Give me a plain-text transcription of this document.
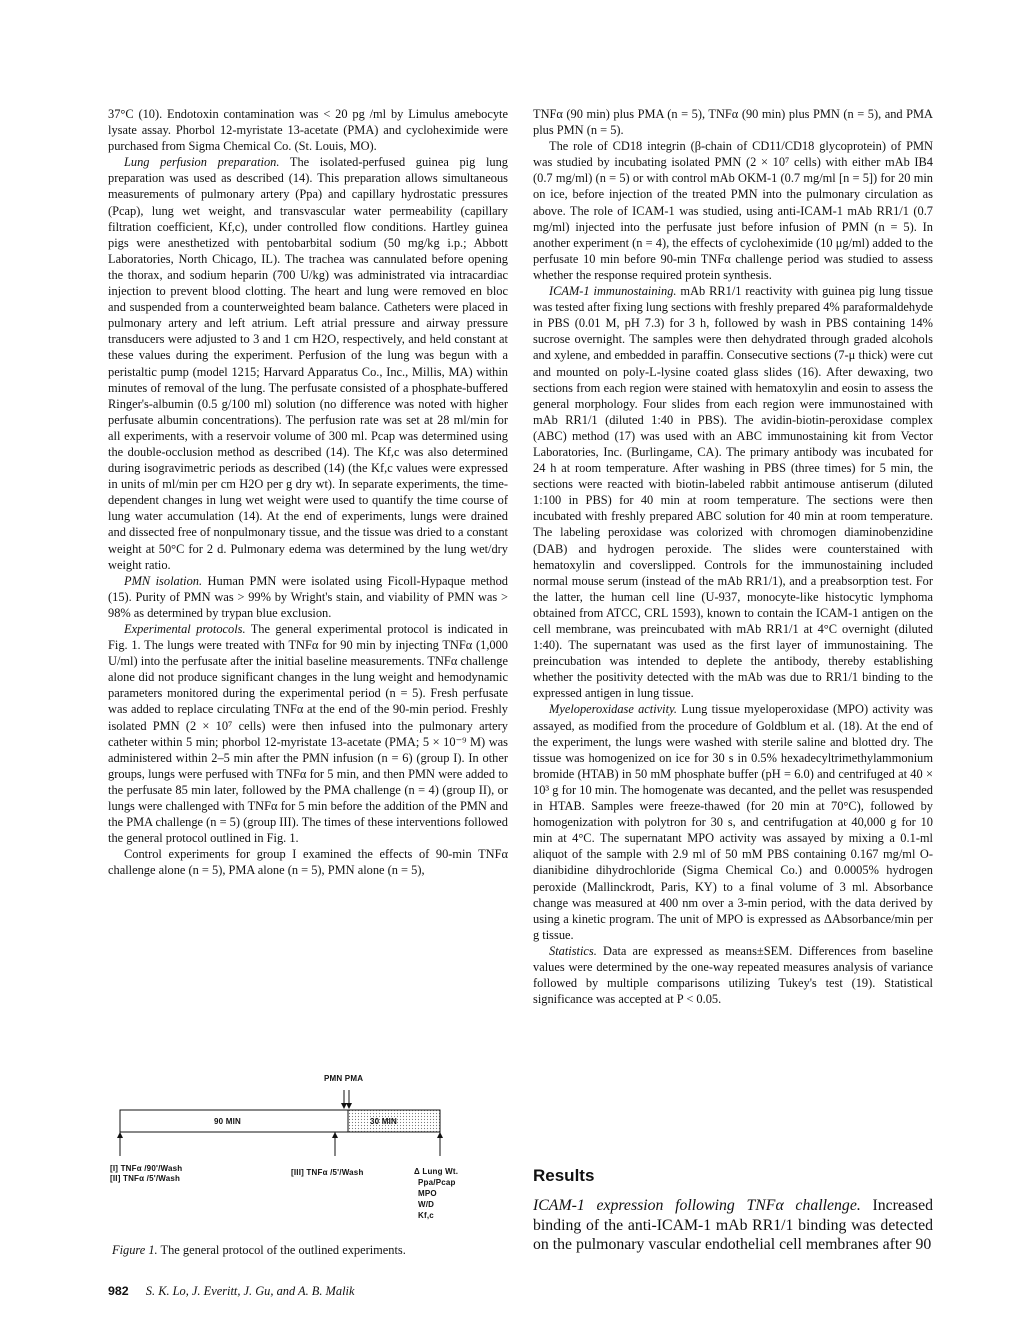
37°C (10). Endotoxin contamination was < 20 pg /ml by Limulus amebocyte lysate assay. Phorbol 12-myristate 13-acetate (PMA) and cycloheximide were purchased from Sigma Chemical Co. (St. Louis, MO).

Lung perfusion preparation. The isolated-perfused guinea pig lung preparation was used as described (14). This preparation allows simultaneous measurements of pulmonary artery (Ppa) and capillary hydrostatic pressures (Pcap), lung wet weight, and transvascular water permeability (capillary filtration coefficient, Kf,c), under controlled flow conditions. Hartley guinea pigs were anesthetized with pentobarbital sodium (50 mg/kg i.p.; Abbott Laboratories, North Chicago, IL). The trachea was cannulated before opening the thorax, and sodium heparin (700 U/kg) was administrated via intracardiac injection to prevent blood clotting. The heart and lung were removed en bloc and suspended from a counterweighted beam balance. Catheters were placed in pulmonary artery and left atrium. Left atrial pressure and airway pressure transducers were adjusted to 3 and 1 cm H2O, respectively, and held constant at these values during the experiment. Perfusion of the lung was begun with a peristaltic pump (model 1215; Harvard Apparatus Co., Inc., Millis, MA) within minutes of removal of the lung. The perfusate consisted of a phosphate-buffered Ringer's-albumin (0.5 g/100 ml) solution (no difference was noted with higher perfusate albumin concentrations). The perfusion rate was set at 28 ml/min for all experiments, with a reservoir volume of 300 ml. Pcap was determined using the double-occlusion method as described (14). The Kf,c was also determined during isogravimetric periods as described (14) (the Kf,c values were expressed in units of ml/min per cm H2O per g dry wt). In separate experiments, the time-dependent changes in lung wet weight were used to quantify the time course of lung water accumulation (14). At the end of experiments, lungs were drained and dissected free of nonpulmonary tissue, and the tissue was dried to a constant weight at 50°C for 2 d. Pulmonary edema was determined by the lung wet/dry weight ratio.

PMN isolation. Human PMN were isolated using Ficoll-Hypaque method (15). Purity of PMN was > 99% by Wright's stain, and viability of PMN was > 98% as determined by trypan blue exclusion.

Experimental protocols. The general experimental protocol is indicated in Fig. 1. The lungs were treated with TNFα for 90 min by injecting TNFα (1,000 U/ml) into the perfusate after the initial baseline measurements. TNFα challenge alone did not produce significant changes in the lung weight and hemodynamic parameters monitored during the experimental period (n = 5). Fresh perfusate was added to replace circulating TNFα at the end of the 90-min period. Freshly isolated PMN (2 × 10⁷ cells) were then infused into the pulmonary artery catheter within 5 min; phorbol 12-myristate 13-acetate (PMA; 5 × 10⁻⁹ M) was administered within 2–5 min after the PMN infusion (n = 6) (group I). In other groups, lungs were perfused with TNFα for 5 min, and then PMN were added to the perfusate 85 min later, followed by the PMA challenge (n = 4) (group II), or lungs were challenged with TNFα for 5 min before the addition of the PMN and the PMA challenge (n = 5) (group III). The times of these interventions followed the general protocol outlined in Fig. 1.

Control experiments for group I examined the effects of 90-min TNFα challenge alone (n = 5), PMA alone (n = 5), PMN alone (n = 5),

TNFα (90 min) plus PMA (n = 5), TNFα (90 min) plus PMN (n = 5), and PMA plus PMN (n = 5).

The role of CD18 integrin (β-chain of CD11/CD18 glycoprotein) of PMN was studied by incubating isolated PMN (2 × 10⁷ cells) with either mAb IB4 (0.7 mg/ml) (n = 5) or with control mAb OKM-1 (0.7 mg/ml [n = 5]) for 20 min on ice, before injection of the treated PMN into the pulmonary circulation as above. The role of ICAM-1 was studied, using anti-ICAM-1 mAb RR1/1 (0.7 mg/ml) injected into the perfusate just before infusion of PMN (n = 5). In another experiment (n = 4), the effects of cycloheximide (10 μg/ml) added to the perfusate 10 min before 90-min TNFα challenge period was studied to assess whether the response required protein synthesis.

ICAM-1 immunostaining. mAb RR1/1 reactivity with guinea pig lung tissue was tested after fixing lung sections with freshly prepared 4% paraformaldehyde in PBS (0.01 M, pH 7.3) for 3 h, followed by wash in PBS containing 14% sucrose overnight. The samples were then dehydrated through graded alcohols and xylene, and embedded in paraffin. Consecutive sections (7-μ thick) were cut and mounted on poly-L-lysine coated glass slides (16). After dewaxing, two sections from each region were stained with hematoxylin and eosin to assess the general morphology. Four slides from each region were immunostained with mAb RR1/1 (diluted 1:40 in PBS). The avidin-biotin-peroxidase complex (ABC) method (17) was used with an ABC immunostaining kit from Vector Laboratories, Inc. (Burlingame, CA). The primary antibody was incubated for 24 h at room temperature. After washing in PBS (three times) for 5 min, the sections were reacted with biotin-labeled rabbit antimouse antiserum (diluted 1:100 in PBS) for 40 min at room temperature. The sections were then incubated with freshly prepared ABC solution for 40 min at room temperature. The labeling peroxidase was colorized with chromogen diaminobenzidine (DAB) and hydrogen peroxide. The slides were counterstained with hematoxylin and coverslipped. Controls for the immunostaining included normal mouse serum (instead of the mAb RR1/1), and a preabsorption test. For the latter, the human cell line (U-937, monocyte-like histocytic lymphoma obtained from ATCC, CRL 1593), known to contain the ICAM-1 antigen on the cell membrane, was preincubated with mAb RR1/1 at 4°C overnight (diluted 1:40). The supernatant was used as the first layer of immunostaining. The preincubation was intended to deplete the antibody, thereby establishing whether the positivity detected with the mAb was due to RR1/1 binding to the expressed antigen in lung tissue.

Myeloperoxidase activity. Lung tissue myeloperoxidase (MPO) activity was assayed, as modified from the procedure of Goldblum et al. (18). At the end of the experiment, the lungs were washed with sterile saline and blotted dry. The tissue was homogenized on ice for 30 s in 0.5% hexadecyltrimethylammonium bromide (HTAB) in 50 mM phosphate buffer (pH = 6.0) and centrifuged at 40 × 10³ g for 10 min. The homogenate was decanted, and the pellet was resuspended in HTAB. Samples were freeze-thawed (for 20 min at 70°C), followed by homogenization with polytron for 30 s, and centrifugation at 40,000 g for 10 min at 4°C. The supernatant MPO activity was assayed by mixing a 0.1-ml aliquot of the sample with 2.9 ml of 50 mM PBS containing 0.167 mg/ml O-dianibidine dihydrochloride (Sigma Chemical Co.) and 0.0005% hydrogen peroxide (Mallinckrodt, Paris, KY) to a final volume of 3 ml. Absorbance change was measured at 400 nm over a 3-min period, with the data derived by using a kinetic program. The unit of MPO is expressed as ΔAbsorbance/min per g tissue.

Statistics. Data are expressed as means±SEM. Differences from baseline values were determined by the one-way repeated measures analysis of variance followed by multiple comparisons utilizing Tukey's test (19). Statistical significance was accepted at P < 0.05.

Results
ICAM-1 expression following TNFα challenge. Increased binding of the anti-ICAM-1 mAb RR1/1 binding was detected on the pulmonary vascular endothelial cell membranes after 90
PMN PMA
90 MIN	30 MIN
[I] TNFα /90'/Wash
[II] TNFα /5'/Wash
[III] TNFα /5'/Wash	Δ Lung Wt.
Ppa/Pcap
MPO
W/D
Kf,c
Figure 1. The general protocol of the outlined experiments.
982 S. K. Lo, J. Everitt, J. Gu, and A. B. Malik
